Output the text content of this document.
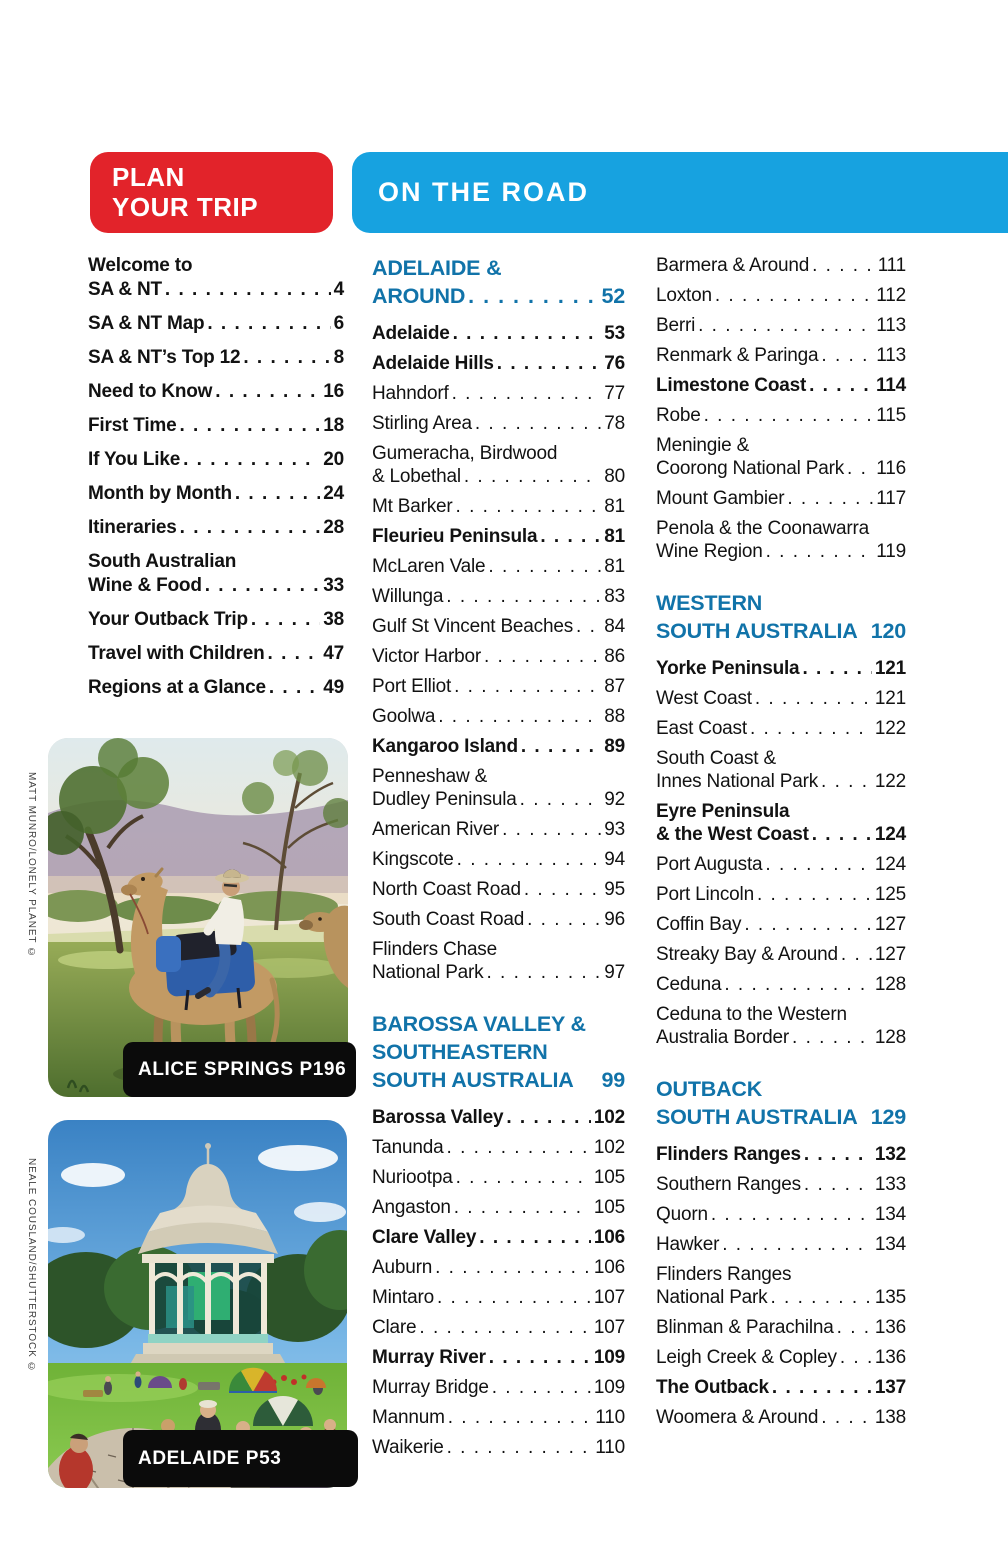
PLAN
YOUR TRIP	ON THE ROAD
Welcome to
SA & NT . . .	4
SA & NT Map . . .	6
SA & NT’s Top 12 . . .	8
Need to Know . . .	16
First Time . . .	18
If You Like . . .	20
Month by Month . . .	24
Itineraries . . .	28
South Australian
Wine & Food . . .	33
Your Outback Trip . . .	38
Travel with Children . . .	47
Regions at a Glance . . .	49
ADELAIDE &
AROUND . . .	52
Adelaide . . .	53
Adelaide Hills . . .	76
Hahndorf . . .	77
Stirling Area . . .	78
Gumeracha, Birdwood
& Lobethal . . .	80
Mt Barker . . .	81
Fleurieu Peninsula . . .	81
McLaren Vale . . .	81
Willunga . . .	83
Gulf St Vincent Beaches . . . 84
Victor Harbor . . .	86
Port Elliot . . .	87
Goolwa . . .	88
Kangaroo Island . . .	89
Penneshaw &
Dudley Peninsula . . .	92
American River . . .	93
Kingscote . . .	94
North Coast Road . . .	95
South Coast Road . . .	96
Flinders Chase
National Park . . .	97
BAROSSA VALLEY &
SOUTHEASTERN
SOUTH AUSTRALIA 99
Barossa Valley . . .	102
Tanunda . . .	102
Nuriootpa . . .	105
Angaston . . .	105
Clare Valley . . .	106
Auburn . . .	106
Mintaro . . .	107
Clare . . .	107
Murray River . . .	109
Murray Bridge . . .	109
Mannum . . .	110
Waikerie . . .	110
Barmera & Around . . .	111
Loxton . . .	112
Berri . . .	113
Renmark & Paringa . . .	113
Limestone Coast . . .	114
Robe . . .	115
Meningie &
Coorong National Park . . . 116
Mount Gambier . . .	117
Penola & the Coonawarra
Wine Region . . .	119
WESTERN
SOUTH AUSTRALIA 120
Yorke Peninsula . . .	121
West Coast . . .	121
East Coast . . .	122
South Coast &
Innes National Park . . .	122
Eyre Peninsula
& the West Coast . . .	124
Port Augusta . . .	124
Port Lincoln . . .	125
Coffin Bay . . .	127
Streaky Bay & Around . . . 127
Ceduna . . .	128
Ceduna to the Western
Australia Border . . .	128
OUTBACK
SOUTH AUSTRALIA 129
Flinders Ranges . . .	132
Southern Ranges . . .	133
Quorn . . .	134
Hawker . . .	134
Flinders Ranges
National Park . . .	135
Blinman & Parachilna . . . 136
Leigh Creek & Copley . . . 136
The Outback . . .	137
Woomera & Around . . .	138
ALICE SPRINGS P196
ADELAIDE P53
MATT MUNRO/LONELY PLANET ©
NEALE COUSLAND/SHUTTERSTOCK ©
